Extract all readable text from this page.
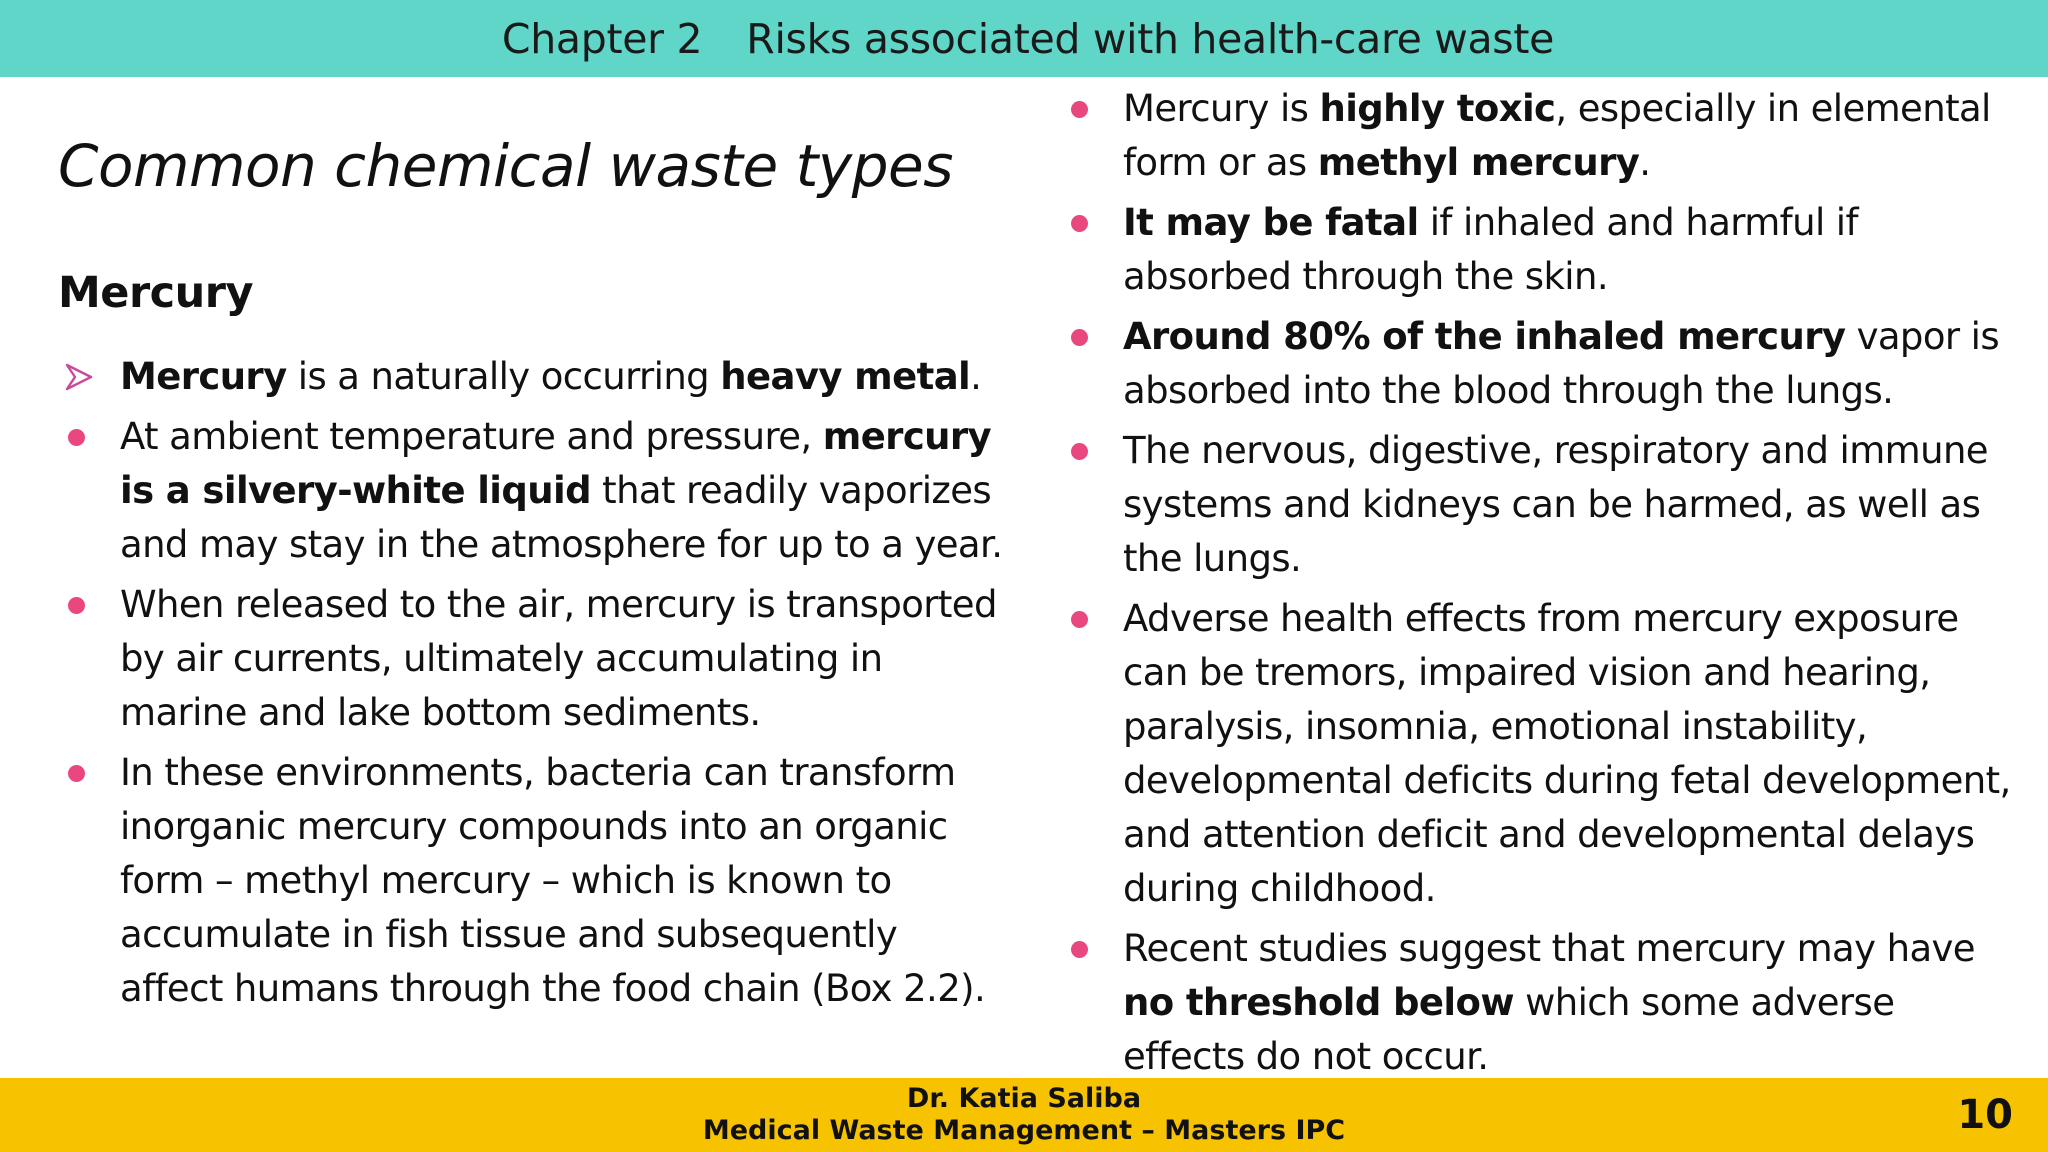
Chapter 2 Risks associated with health-care waste
Common chemical waste types
Mercury
Mercury is a naturally occurring heavy metal.
At ambient temperature and pressure, mercury is a silvery-white liquid that readily vaporizes and may stay in the atmosphere for up to a year.
When released to the air, mercury is transported by air currents, ultimately accumulating in marine and lake bottom sediments.
In these environments, bacteria can transform inorganic mercury compounds into an organic form – methyl mercury – which is known to accumulate in fish tissue and subsequently affect humans through the food chain (Box 2.2).
Mercury is highly toxic, especially in elemental form or as methyl mercury.
It may be fatal if inhaled and harmful if absorbed through the skin.
Around 80% of the inhaled mercury vapor is absorbed into the blood through the lungs.
The nervous, digestive, respiratory and immune systems and kidneys can be harmed, as well as the lungs.
Adverse health effects from mercury exposure can be tremors, impaired vision and hearing, paralysis, insomnia, emotional instability, developmental deficits during fetal development, and attention deficit and developmental delays during childhood.
Recent studies suggest that mercury may have no threshold below which some adverse effects do not occur.
Dr. Katia Saliba
Medical Waste Management – Masters IPC	10
